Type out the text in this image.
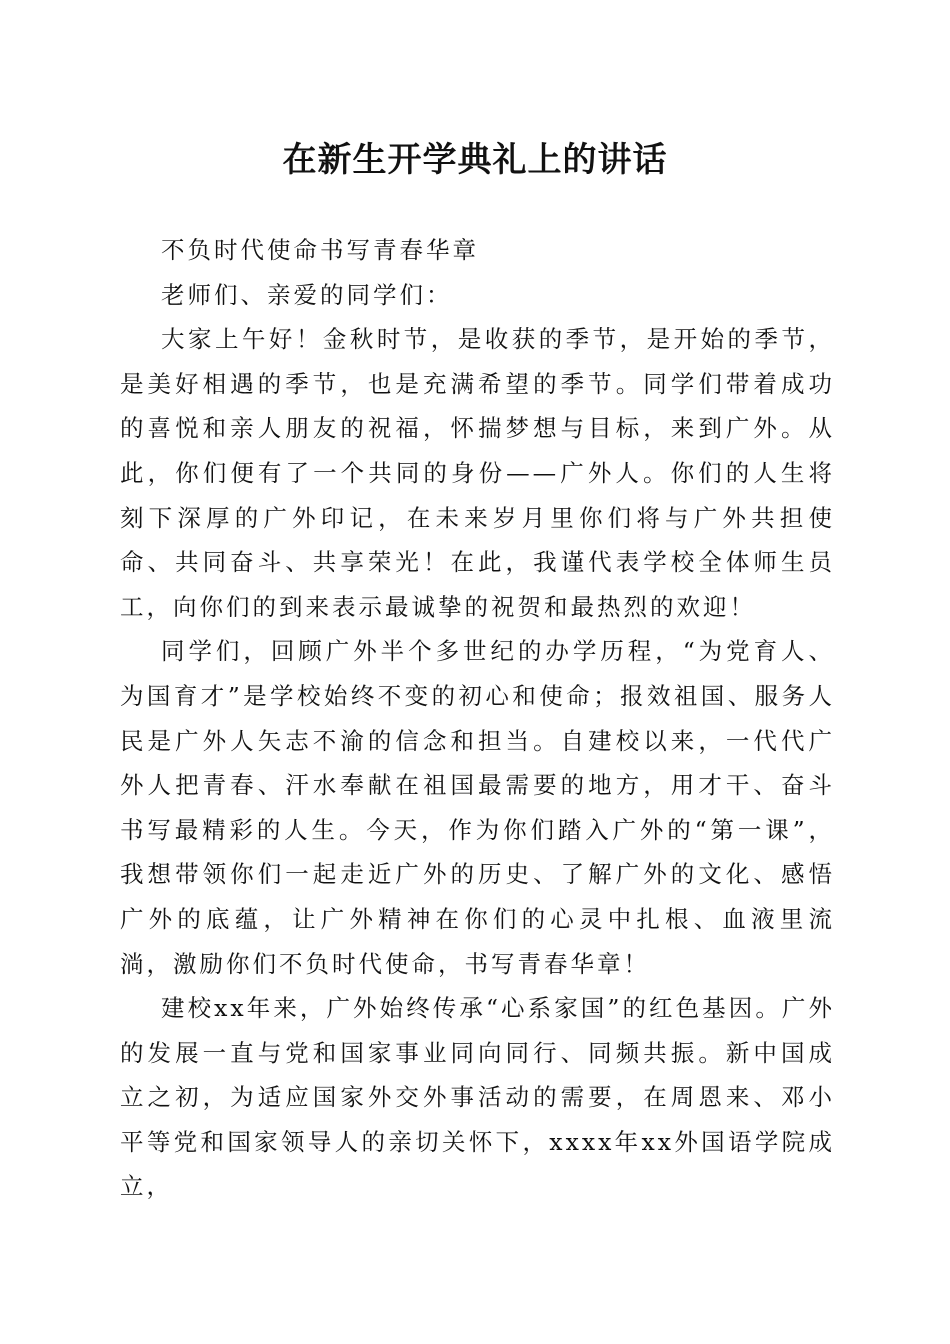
在新生开学典礼上的讲话

不负时代使命书写青春华章

老师们、亲爱的同学们：

大家上午好！金秋时节，是收获的季节，是开始的季节，是美好相遇的季节，也是充满希望的季节。同学们带着成功的喜悦和亲人朋友的祝福，怀揣梦想与目标，来到广外。从此，你们便有了一个共同的身份——广外人。你们的人生将刻下深厚的广外印记，在未来岁月里你们将与广外共担使命、共同奋斗、共享荣光！在此，我谨代表学校全体师生员工，向你们的到来表示最诚挚的祝贺和最热烈的欢迎！

同学们，回顾广外半个多世纪的办学历程，“为党育人、为国育才”是学校始终不变的初心和使命；报效祖国、服务人民是广外人矢志不渝的信念和担当。自建校以来，一代代广外人把青春、汗水奉献在祖国最需要的地方，用才干、奋斗书写最精彩的人生。今天，作为你们踏入广外的“第一课”，我想带领你们一起走近广外的历史、了解广外的文化、感悟广外的底蕴，让广外精神在你们的心灵中扎根、血液里流淌，激励你们不负时代使命，书写青春华章！

建校xx年来，广外始终传承“心系家国”的红色基因。广外的发展一直与党和国家事业同向同行、同频共振。新中国成立之初，为适应国家外交外事活动的需要，在周恩来、邓小平等党和国家领导人的亲切关怀下，xxxx年xx外国语学院成立，
